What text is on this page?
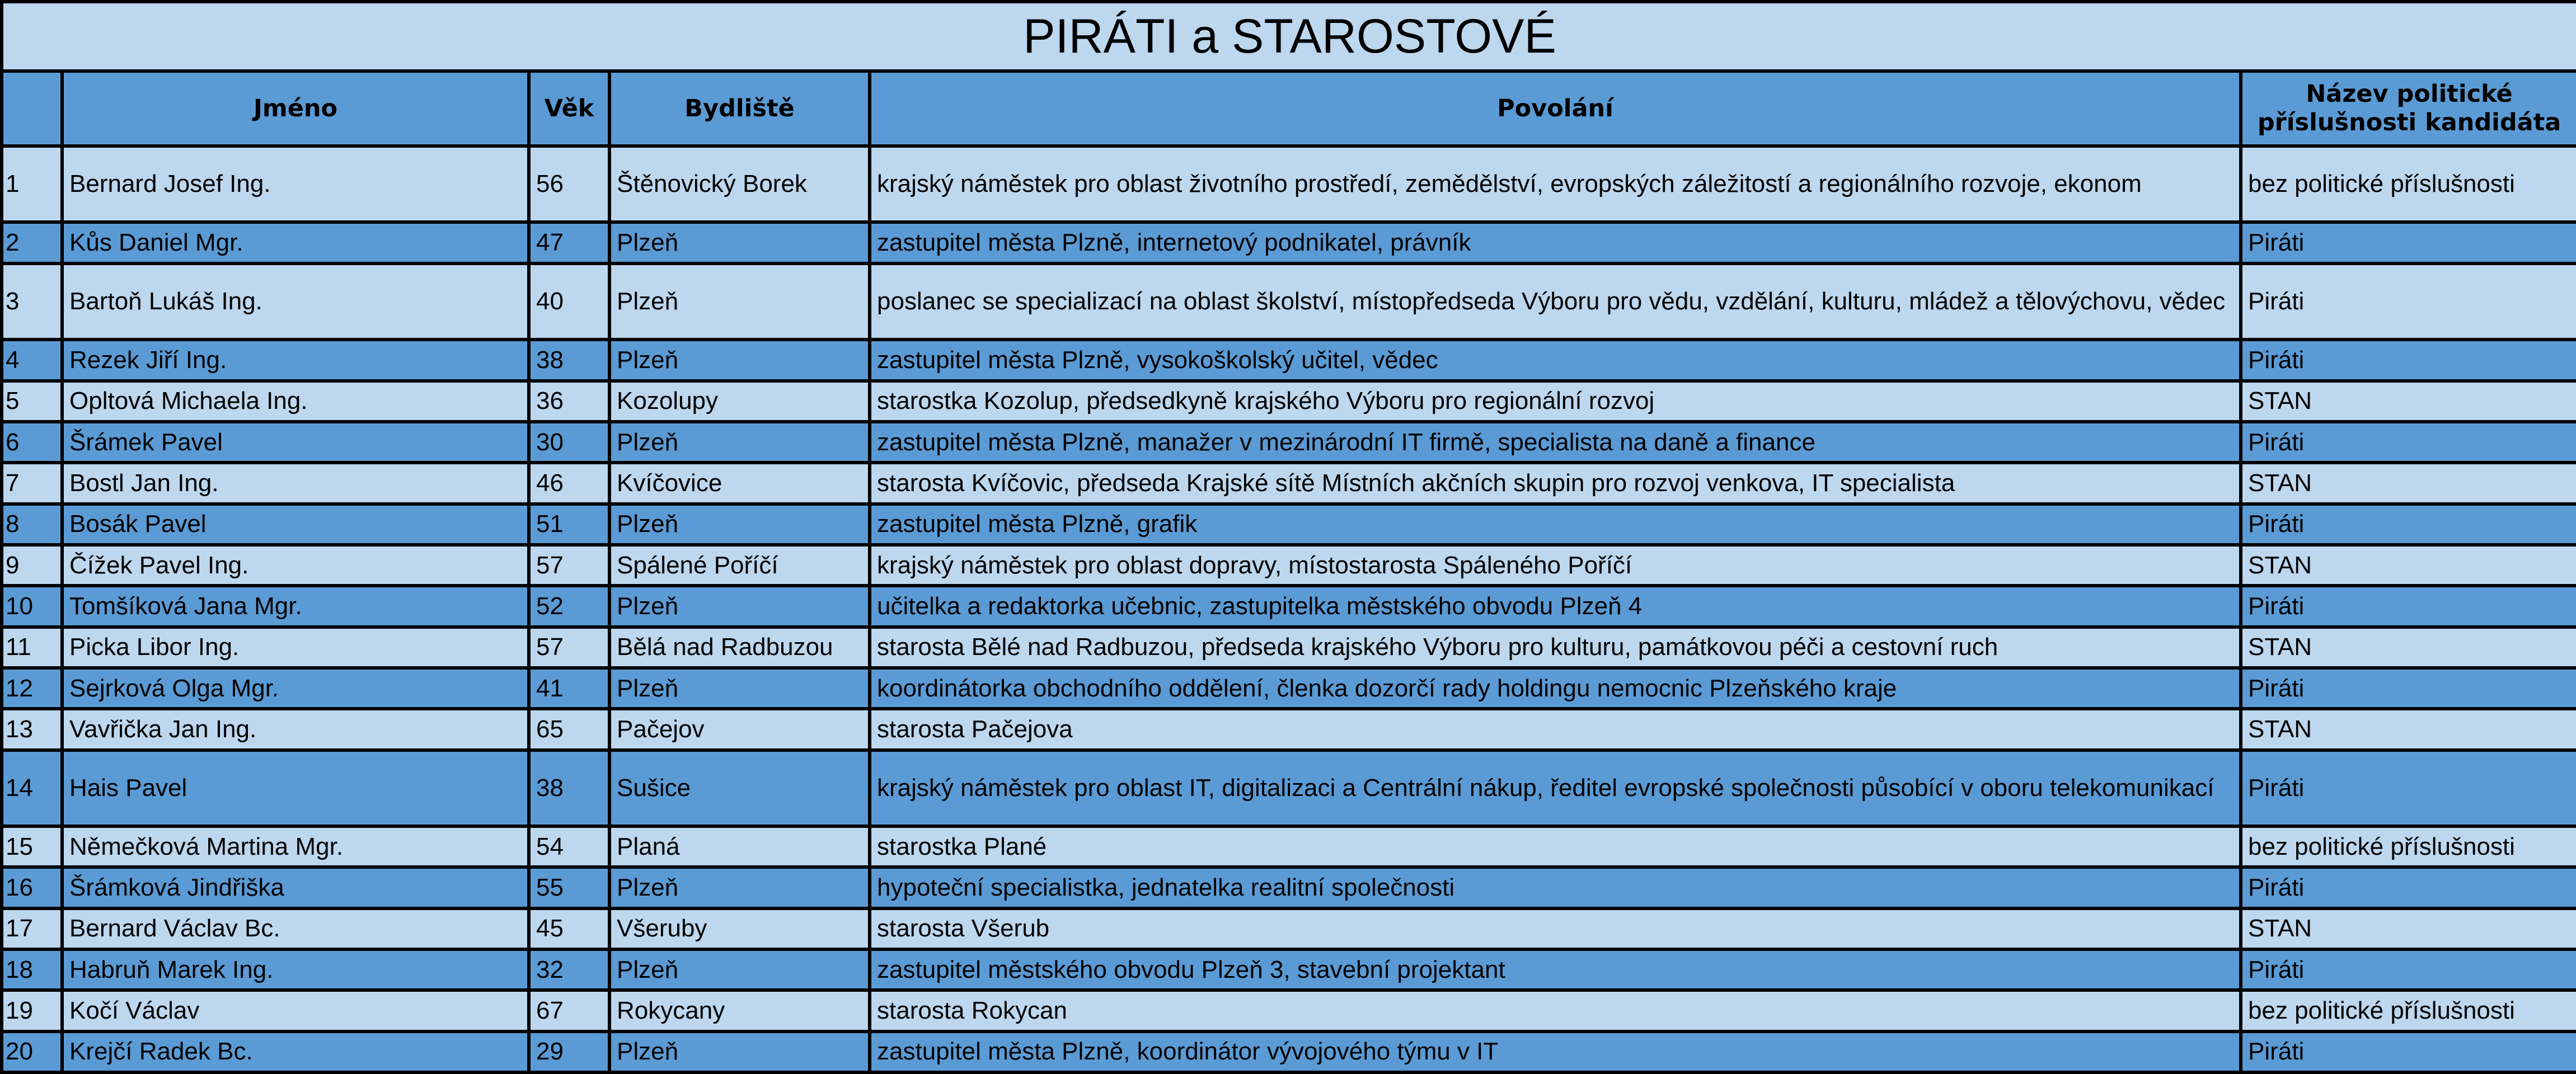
PIRÁTI a STAROSTOVÉ					
	Jméno	Věk	Bydliště	Povolání	Název politické příslušnosti kandidáta
1	Bernard Josef Ing.	56	Štěnovický Borek	krajský náměstek pro oblast životního prostředí, zemědělství, evropských záležitostí a regionálního rozvoje, ekonom	bez politické příslušnosti
2	Kůs Daniel Mgr.	47	Plzeň	zastupitel města Plzně, internetový podnikatel, právník	Piráti
3	Bartoň Lukáš Ing.	40	Plzeň	poslanec se specializací na oblast školství, místopředseda Výboru pro vědu, vzdělání, kulturu, mládež a tělovýchovu, vědec	Piráti
4	Rezek Jiří Ing.	38	Plzeň	zastupitel města Plzně, vysokoškolský učitel, vědec	Piráti
5	Opltová Michaela Ing.	36	Kozolupy	starostka Kozolup, předsedkyně krajského Výboru pro regionální rozvoj	STAN
6	Šrámek Pavel	30	Plzeň	zastupitel města Plzně, manažer v mezinárodní IT firmě, specialista na daně a finance	Piráti
7	Bostl Jan Ing.	46	Kvíčovice	starosta Kvíčovic, předseda Krajské sítě Místních akčních skupin pro rozvoj venkova, IT specialista	STAN
8	Bosák Pavel	51	Plzeň	zastupitel města Plzně, grafik	Piráti
9	Čížek Pavel Ing.	57	Spálené Poříčí	krajský náměstek pro oblast dopravy, místostarosta Spáleného Poříčí	STAN
10	Tomšíková Jana Mgr.	52	Plzeň	učitelka a redaktorka učebnic, zastupitelka městského obvodu Plzeň 4	Piráti
11	Picka Libor Ing.	57	Bělá nad Radbuzou	starosta Bělé nad Radbuzou, předseda krajského Výboru pro kulturu, památkovou péči a cestovní ruch	STAN
12	Sejrková Olga Mgr.	41	Plzeň	koordinátorka obchodního oddělení, členka dozorčí rady holdingu nemocnic Plzeňského kraje	Piráti
13	Vavřička Jan Ing.	65	Pačejov	starosta Pačejova	STAN
14	Hais Pavel	38	Sušice	krajský náměstek pro oblast IT, digitalizaci a Centrální nákup, ředitel evropské společnosti působící v oboru telekomunikací	Piráti
15	Němečková Martina Mgr.	54	Planá	starostka Plané	bez politické příslušnosti
16	Šrámková Jindřiška	55	Plzeň	hypoteční specialistka, jednatelka realitní společnosti	Piráti
17	Bernard Václav Bc.	45	Všeruby	starosta Všerub	STAN
18	Habruň Marek Ing.	32	Plzeň	zastupitel městského obvodu Plzeň 3, stavební projektant	Piráti
19	Kočí Václav	67	Rokycany	starosta Rokycan	bez politické příslušnosti
20	Krejčí Radek Bc.	29	Plzeň	zastupitel města Plzně, koordinátor vývojového týmu v IT	Piráti
